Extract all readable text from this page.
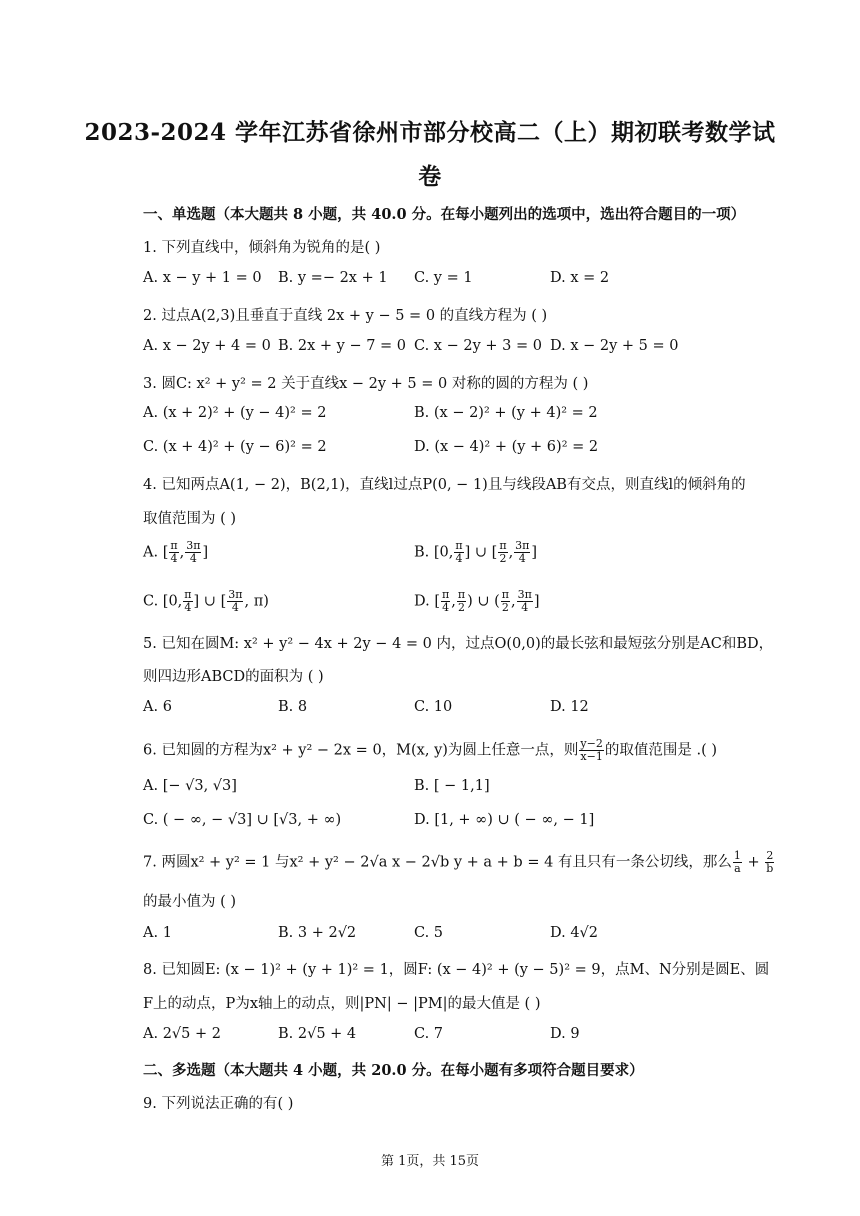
2023-2024 学年江苏省徐州市部分校高二（上）期初联考数学试
卷
一、单选题（本大题共 8 小题，共 40.0 分。在每小题列出的选项中，选出符合题目的一项）
1. 下列直线中，倾斜角为锐角的是( )
A. x − y + 1 = 0 B. y =− 2x + 1 C. y = 1	D. x = 2
2. 过点A(2,3)且垂直于直线 2x + y − 5 = 0 的直线方程为 ( )
A. x − 2y + 4 = 0 B. 2x + y − 7 = 0 C. x − 2y + 3 = 0 D. x − 2y + 5 = 0
3. 圆C: x² + y² = 2 关于直线x − 2y + 5 = 0 对称的圆的方程为 ( )
A. (x + 2)² + (y − 4)² = 2	B. (x − 2)² + (y + 4)² = 2
C. (x + 4)² + (y − 6)² = 2	D. (x − 4)² + (y + 6)² = 2
4. 已知两点A(1, − 2)，B(2,1)，直线l过点P(0, − 1)且与线段AB有交点，则直线l的倾斜角的
取值范围为 ( )
A. [ $\frac{\pi}{4}$ , $\frac{3\pi}{4}$ ]	B. [0, $\frac{\pi}{4}$ ] ∪ [ $\frac{\pi}{2}$ , $\frac{3\pi}{4}$ ]
C. [0, $\frac{\pi}{4}$ ] ∪ [ $\frac{3\pi}{4}$ , π)	D. [ $\frac{\pi}{4}$ , $\frac{\pi}{2}$ ) ∪ ( $\frac{\pi}{2}$ , $\frac{3\pi}{4}$ ]
5. 已知在圆M: x² + y² − 4x + 2y − 4 = 0 内，过点O(0,0)的最长弦和最短弦分别是AC和BD，
则四边形ABCD的面积为 ( )
A. 6	B. 8	C. 10	D. 12
6. 已知圆的方程为x² + y² − 2x = 0，M(x, y)为圆上任意一点，则 $\frac{y-2}{x-1}$ 的取值范围是 .( )
A. [− √3, √3]	B. [ − 1,1]
C. ( − ∞, − √3] ∪ [√3, + ∞)	D. [1, + ∞) ∪ ( − ∞, − 1]
7. 两圆x² + y² = 1 与x² + y² − 2√a x − 2√b y + a + b = 4 有且只有一条公切线，那么 $\frac{1}{a} + \frac{2}{b}$
的最小值为 ( )
A. 1	B. 3 + 2√2	C. 5	D. 4√2
8. 已知圆E: (x − 1)² + (y + 1)² = 1，圆F: (x − 4)² + (y − 5)² = 9，点M、N分别是圆E、圆
F上的动点，P为x轴上的动点，则|PN| − |PM|的最大值是 ( )
A. 2√5 + 2	B. 2√5 + 4	C. 7	D. 9
二、多选题（本大题共 4 小题，共 20.0 分。在每小题有多项符合题目要求）
9. 下列说法正确的有( )
第 1页，共 15页
